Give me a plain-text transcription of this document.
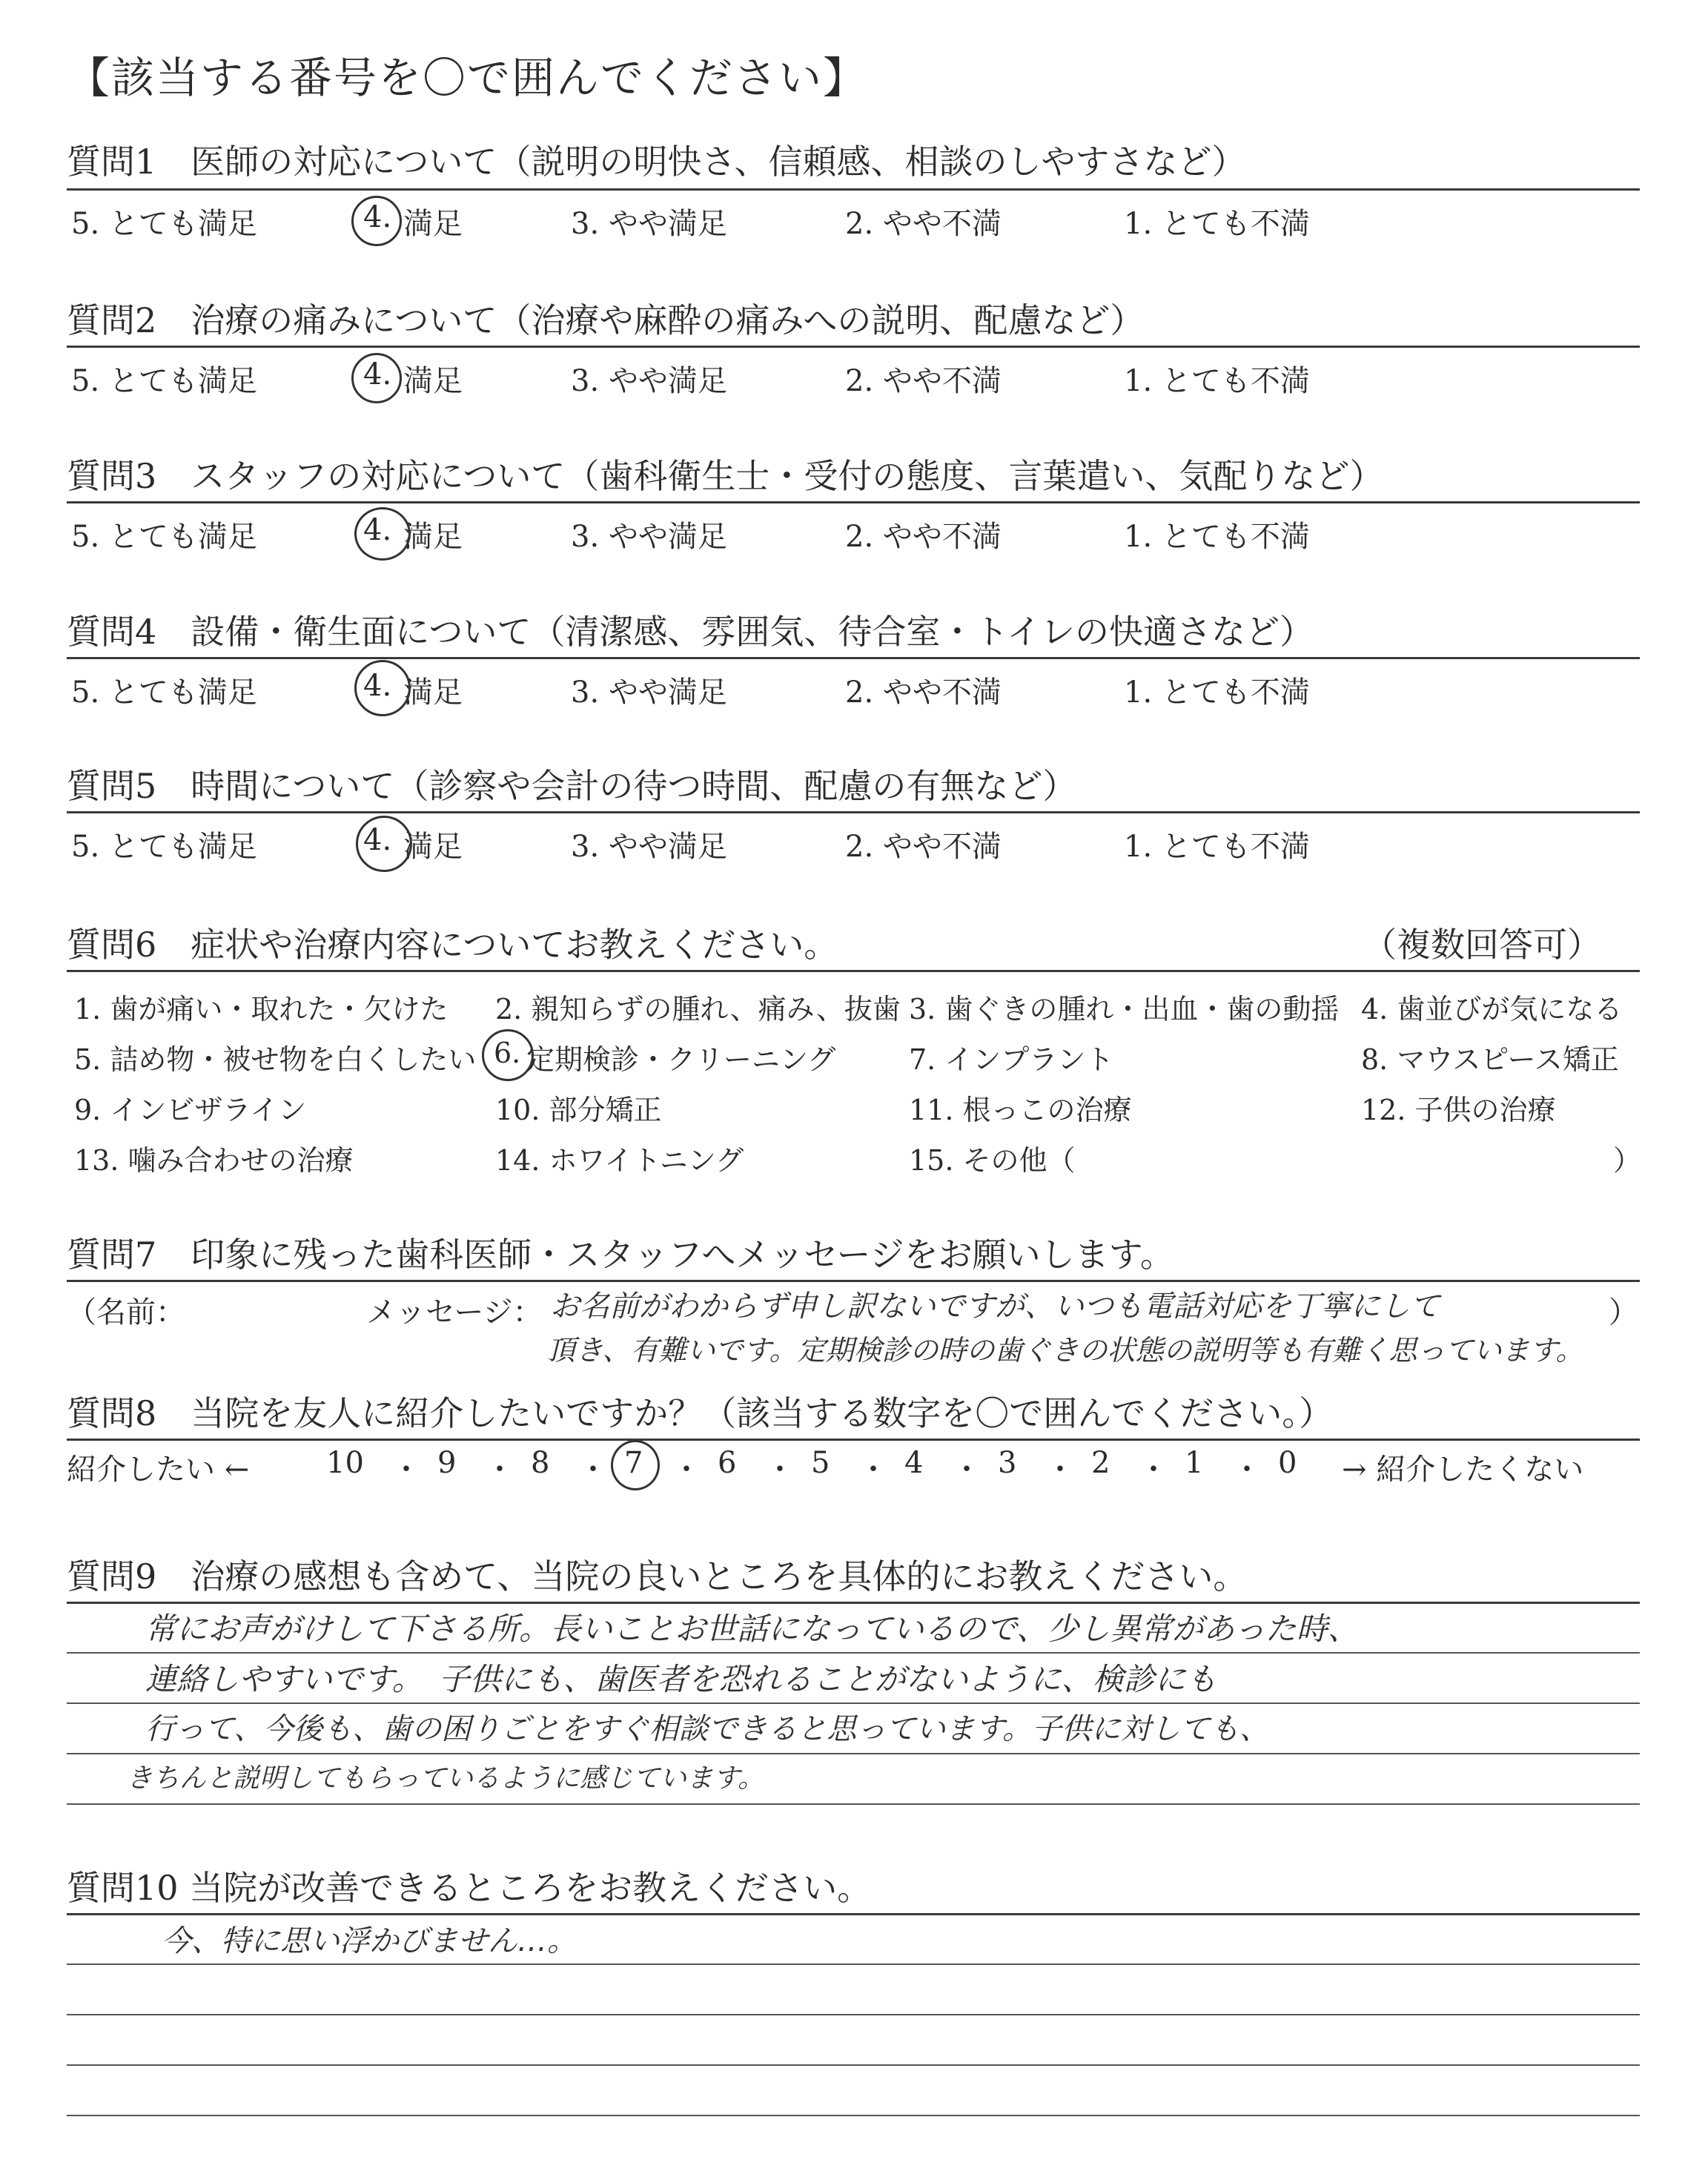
【該当する番号を〇で囲んでください】
質問1　医師の対応について（説明の明快さ、信頼感、相談のしやすさなど）
5. とても満足	4. 満足	3. やや満足	2. やや不満	1. とても不満
質問2　治療の痛みについて（治療や麻酔の痛みへの説明、配慮など）
5. とても満足	4. 満足	3. やや満足	2. やや不満	1. とても不満
質問3　スタッフの対応について（歯科衛生士・受付の態度、言葉遣い、気配りなど）
5. とても満足	4. 満足	3. やや満足	2. やや不満	1. とても不満
質問4　設備・衛生面について（清潔感、雰囲気、待合室・トイレの快適さなど）
5. とても満足	4. 満足	3. やや満足	2. やや不満	1. とても不満
質問5　時間について（診察や会計の待つ時間、配慮の有無など）
5. とても満足	4. 満足	3. やや満足	2. やや不満	1. とても不満
質問6　症状や治療内容についてお教えください。	（複数回答可）
1. 歯が痛い・取れた・欠けた 2. 親知らずの腫れ、痛み、抜歯 3. 歯ぐきの腫れ・出血・歯の動揺 4. 歯並びが気になる
5. 詰め物・被せ物を白くしたい 6. 定期検診・クリーニング	7. インプラント	8. マウスピース矯正
9. インビザライン	10. 部分矯正	11. 根っこの治療	12. 子供の治療
13. 噛み合わせの治療	14. ホワイトニング	15. その他（	）
質問7　印象に残った歯科医師・スタッフへメッセージをお願いします。
（名前：	メッセージ：	）
お名前がわからず申し訳ないですが、いつも電話対応を丁寧にして
頂き、有難いです。定期検診の時の歯ぐきの状態の説明等も有難く思っています。
質問8　当院を友人に紹介したいですか？（該当する数字を〇で囲んでください。）
紹介したい ←	10 ・ 9 ・ 8 ・ 7 ・ 6 ・ 5 ・ 4 ・ 3 ・ 2 ・ 1 ・ 0 → 紹介したくない
質問9　治療の感想も含めて、当院の良いところを具体的にお教えください。
常にお声がけして下さる所。長いことお世話になっているので、少し異常があった時、
連絡しやすいです。　子供にも、歯医者を恐れることがないように、検診にも
行って、今後も、歯の困りごとをすぐ相談できると思っています。子供に対しても、
きちんと説明してもらっているように感じています。
質問10 当院が改善できるところをお教えください。
今、特に思い浮かびません…。
